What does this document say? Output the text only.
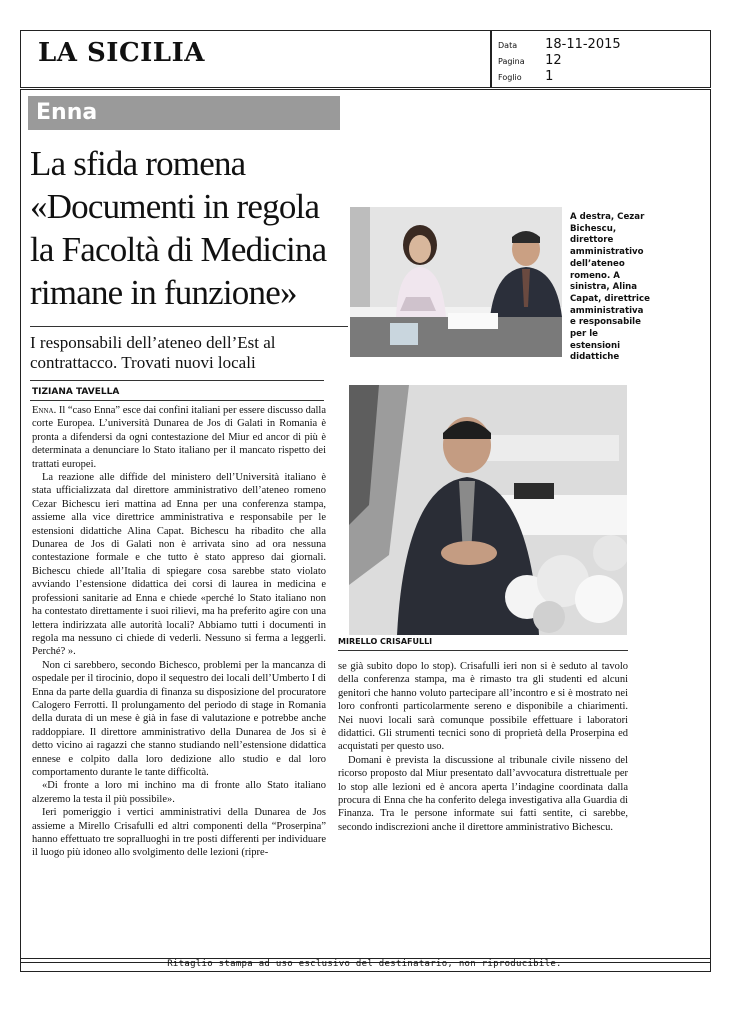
LA SICILIA	Data 18-11-2015
Pagina 12
Foglio 1
Enna
La sfida romena
«Documenti in regola
la Facoltà di Medicina
rimane in funzione»
I responsabili dell’ateneo dell’Est al contrattacco. Trovati nuovi locali
TIZIANA TAVELLA

Enna. Il “caso Enna” esce dai confini italiani per essere discusso dalla corte Europea. L’università Dunarea de Jos di Galati in Romania è pronta a difendersi da ogni contestazione del Miur ed ancor di più è determinata a denunciare lo Stato italiano per il mancato rispetto dei trattati europei.

La reazione alle diffide del ministero dell’Università italiano è stata ufficializzata dal direttore amministrativo dell’ateneo romeno Cezar Bichescu ieri mattina ad Enna per una conferenza stampa, assieme alla vice direttrice amministrativa e responsabile per le estensioni didattiche Alina Capat. Bichescu ha ribadito che alla Dunarea de Jos di Galati non è arrivata sino ad ora nessuna contestazione formale e che tutto è stato appreso dai giornali. Bichescu chiede all’Italia di spiegare cosa sarebbe stato violato avviando l’estensione didattica dei corsi di laurea in medicina e professioni sanitarie ad Enna e chiede «perché lo Stato italiano non ha contestato direttamente i suoi rilievi, ma ha preferito agire con una lettera indirizzata alle autorità locali? Abbiamo tutti i documenti in regola ma nessuno ci chiede di vederli. Nessuno si ferma a leggerli. Perché? ».

Non ci sarebbero, secondo Bichesco, problemi per la mancanza di ospedale per il tirocinio, dopo il sequestro dei locali dell’Umberto I di Enna da parte della guardia di finanza su disposizione del procuratore Calogero Ferrotti. Il prolungamento del periodo di stage in Romania della durata di un mese è già in fase di valutazione e potrebbe anche raddoppiare. Il direttore amministrativo della Dunarea de Jos si è detto vicino ai ragazzi che stanno studiando nell’estensione didattica ennese e colpito dalla loro dedizione allo studio e dal loro comportamento durante le tante difficoltà.

«Di fronte a loro mi inchino ma di fronte allo Stato italiano alzeremo la testa il più possibile».

Ieri pomeriggio i vertici amministrativi della Dunarea de Jos assieme a Mirello Crisafulli ed altri componenti della “Proserpina” hanno effettuato tre sopralluoghi in tre posti differenti per individuare il luogo più idoneo allo svolgimento delle lezioni (ripre-

A destra, Cezar Bichescu, direttore amministrativo dell’ateneo romeno. A sinistra, Alina Capat, direttrice amministrativa e responsabile per le estensioni didattiche
MIRELLO CRISAFULLI

se già subito dopo lo stop). Crisafulli ieri non si è seduto al tavolo della conferenza stampa, ma è rimasto tra gli studenti ed alcuni genitori che hanno voluto partecipare all’incontro e si è mostrato nei loro confronti particolarmente sereno e disponibile a chiarimenti. Nei nuovi locali sarà comunque possibile effettuare i laboratori didattici. Gli strumenti tecnici sono di proprietà della Proserpina ed acquistati per questo uso.

Domani è prevista la discussione al tribunale civile nisseno del ricorso proposto dal Miur presentato dall’avvocatura distrettuale per lo stop alle lezioni ed è ancora aperta l’indagine coordinata dalla procura di Enna che ha conferito delega investigativa alla Guardia di Finanza. Tra le persone informate sui fatti sentite, ci sarebbe, secondo indiscrezioni anche il direttore amministrativo Bichescu.

Ritaglio stampa ad uso esclusivo del destinatario, non riproducibile.
